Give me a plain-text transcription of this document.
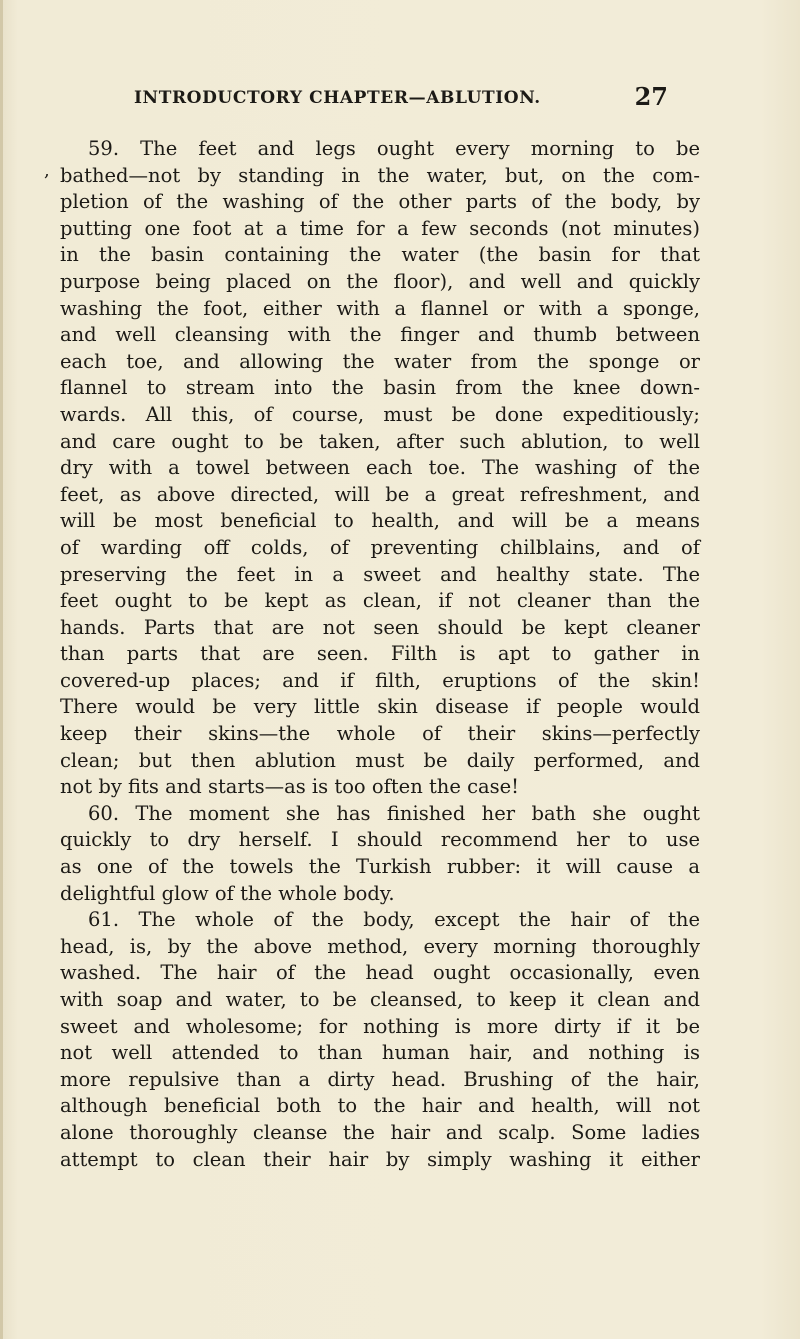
INTRODUCTORY CHAPTER—ABLUTION.	27
,
59. The feet and legs ought every morning to be
bathed—not by standing in the water, but, on the com-
pletion of the washing of the other parts of the body, by
putting one foot at a time for a few seconds (not minutes)
in the basin containing the water (the basin for that
purpose being placed on the floor), and well and quickly
washing the foot, either with a flannel or with a sponge,
and well cleansing with the finger and thumb between
each toe, and allowing the water from the sponge or
flannel to stream into the basin from the knee down-
wards. All this, of course, must be done expeditiously;
and care ought to be taken, after such ablution, to well
dry with a towel between each toe. The washing of the
feet, as above directed, will be a great refreshment, and
will be most beneficial to health, and will be a means
of warding off colds, of preventing chilblains, and of
preserving the feet in a sweet and healthy state. The
feet ought to be kept as clean, if not cleaner than the
hands. Parts that are not seen should be kept cleaner
than parts that are seen. Filth is apt to gather in
covered-up places; and if filth, eruptions of the skin!
There would be very little skin disease if people would
keep their skins—the whole of their skins—perfectly
clean; but then ablution must be daily performed, and
not by fits and starts—as is too often the case!
60. The moment she has finished her bath she ought
quickly to dry herself. I should recommend her to use
as one of the towels the Turkish rubber: it will cause a
delightful glow of the whole body.
61. The whole of the body, except the hair of the
head, is, by the above method, every morning thoroughly
washed. The hair of the head ought occasionally, even
with soap and water, to be cleansed, to keep it clean and
sweet and wholesome; for nothing is more dirty if it be
not well attended to than human hair, and nothing is
more repulsive than a dirty head. Brushing of the hair,
although beneficial both to the hair and health, will not
alone thoroughly cleanse the hair and scalp. Some ladies
attempt to clean their hair by simply washing it either
